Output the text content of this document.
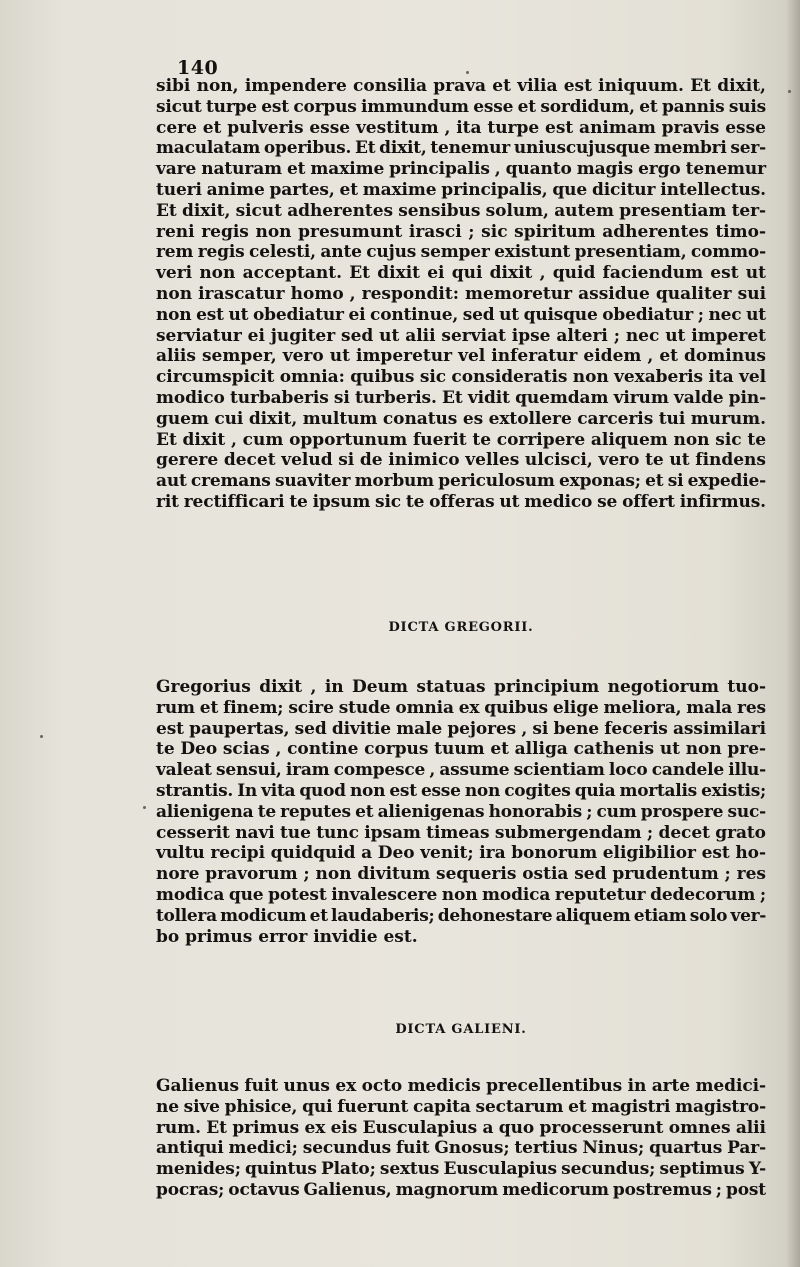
140
sibi non, impendere consilia prava et vilia est iniquum. Et dixit,
sicut turpe est corpus immundum esse et sordidum, et pannis suis
cere et pulveris esse vestitum , ita turpe est animam pravis esse
maculatam operibus. Et dixit, tenemur uniuscujusque membri ser-
vare naturam et maxime principalis , quanto magis ergo tenemur
tueri anime partes, et maxime principalis, que dicitur intellectus.
Et dixit, sicut adherentes sensibus solum, autem presentiam ter-
reni regis non presumunt irasci ; sic spiritum adherentes timo-
rem regis celesti, ante cujus semper existunt presentiam, commo-
veri non acceptant. Et dixit ei qui dixit , quid faciendum est ut
non irascatur homo , respondit: memoretur assidue qualiter sui
non est ut obediatur ei continue, sed ut quisque obediatur ; nec ut
serviatur ei jugiter sed ut alii serviat ipse alteri ; nec ut imperet
aliis semper, vero ut imperetur vel inferatur eidem , et dominus
circumspicit omnia: quibus sic consideratis non vexaberis ita vel
modico turbaberis si turberis. Et vidit quemdam virum valde pin-
guem cui dixit, multum conatus es extollere carceris tui murum.
Et dixit , cum opportunum fuerit te corripere aliquem non sic te
gerere decet velud si de inimico velles ulcisci, vero te ut findens
aut cremans suaviter morbum periculosum exponas; et si expedie-
rit rectifficari te ipsum sic te offeras ut medico se offert infirmus.
DICTA GREGORII.
Gregorius dixit , in Deum statuas principium negotiorum tuo-
rum et finem; scire stude omnia ex quibus elige meliora, mala res
est paupertas, sed divitie male pejores , si bene feceris assimilari
te Deo scias , contine corpus tuum et alliga cathenis ut non pre-
valeat sensui, iram compesce , assume scientiam loco candele illu-
strantis. In vita quod non est esse non cogites quia mortalis existis;
alienigena te reputes et alienigenas honorabis ; cum prospere suc-
cesserit navi tue tunc ipsam timeas submergendam ; decet grato
vultu recipi quidquid a Deo venit; ira bonorum eligibilior est ho-
nore pravorum ; non divitum sequeris ostia sed prudentum ; res
modica que potest invalescere non modica reputetur dedecorum ;
tollera modicum et laudaberis; dehonestare aliquem etiam solo ver-
bo primus error invidie est.
DICTA GALIENI.
Galienus fuit unus ex octo medicis precellentibus in arte medici-
ne sive phisice, qui fuerunt capita sectarum et magistri magistro-
rum. Et primus ex eis Eusculapius a quo processerunt omnes alii
antiqui medici; secundus fuit Gnosus; tertius Ninus; quartus Par-
menides; quintus Plato; sextus Eusculapius secundus; septimus Y-
pocras; octavus Galienus, magnorum medicorum postremus ; post
